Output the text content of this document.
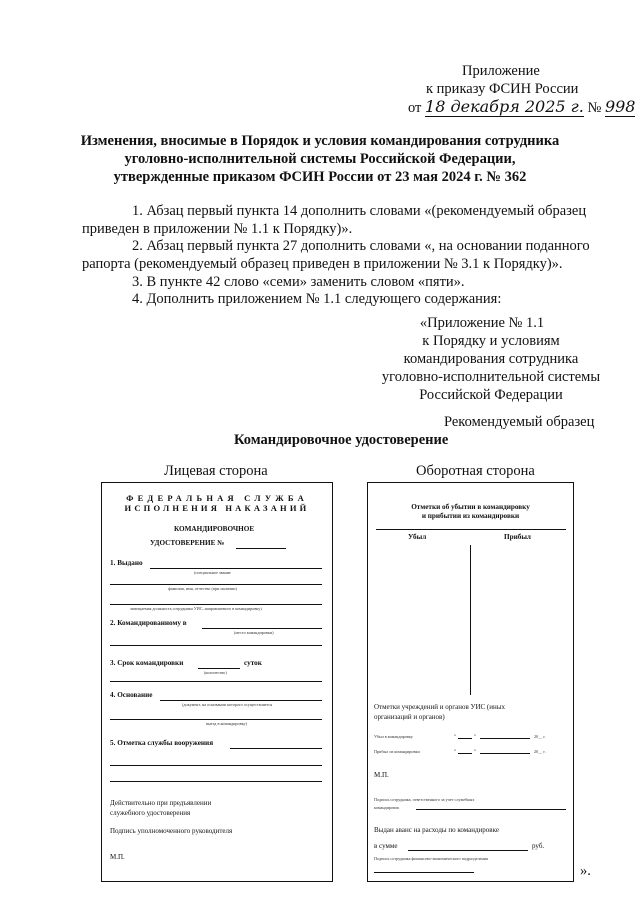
Приложение
к приказу ФСИН России
от 18 декабря 2025 г. № 998
Изменения, вносимые в Порядок и условия командирования сотрудника
уголовно-исполнительной системы Российской Федерации,
утвержденные приказом ФСИН России от 23 мая 2024 г. № 362
1. Абзац первый пункта 14 дополнить словами «(рекомендуемый образец
приведен в приложении № 1.1 к Порядку)».
2. Абзац первый пункта 27 дополнить словами «, на основании поданного
рапорта (рекомендуемый образец приведен в приложении № 3.1 к Порядку)».
3. В пункте 42 слово «семи» заменить словом «пяти».
4. Дополнить приложением № 1.1 следующего содержания:
«Приложение № 1.1
к Порядку и условиям
командирования сотрудника
уголовно-исполнительной системы
Российской Федерации
Рекомендуемый образец
Командировочное удостоверение
Лицевая сторона	Оборотная сторона
ФЕДЕРАЛЬНАЯ СЛУЖБА
ИСПОЛНЕНИЯ НАКАЗАНИЙ
КОМАНДИРОВОЧНОЕ
УДОСТОВЕРЕНИЕ №
1. Выдано
(специальное звание
фамилия, имя, отчество (при наличии)
замещаемая должность сотрудника УИС, направляемого в командировку)
2. Командированному в
(место командировки)
3. Срок командировки	суток
(количество)
4. Основание
(документ, на основании которого осуществляется
выезд в командировку)
5. Отметка службы вооружения
Действительно при предъявлении
служебного удостоверения
Подпись уполномоченного руководителя
М.П.
Отметки об убытии в командировку
и прибытии из командировки
Убыл	Прибыл
Отметки учреждений и органов УИС (иных
организаций и органов)
Убыл в командировку	«	»	20__ г.
Прибыл из командировки	«	»	20__ г.
М.П.
Подпись сотрудника, ответственного за учет служебных
командировок
Выдан аванс на расходы по командировке
в сумме	руб.
Подпись сотрудника финансово-экономического подразделения
».
